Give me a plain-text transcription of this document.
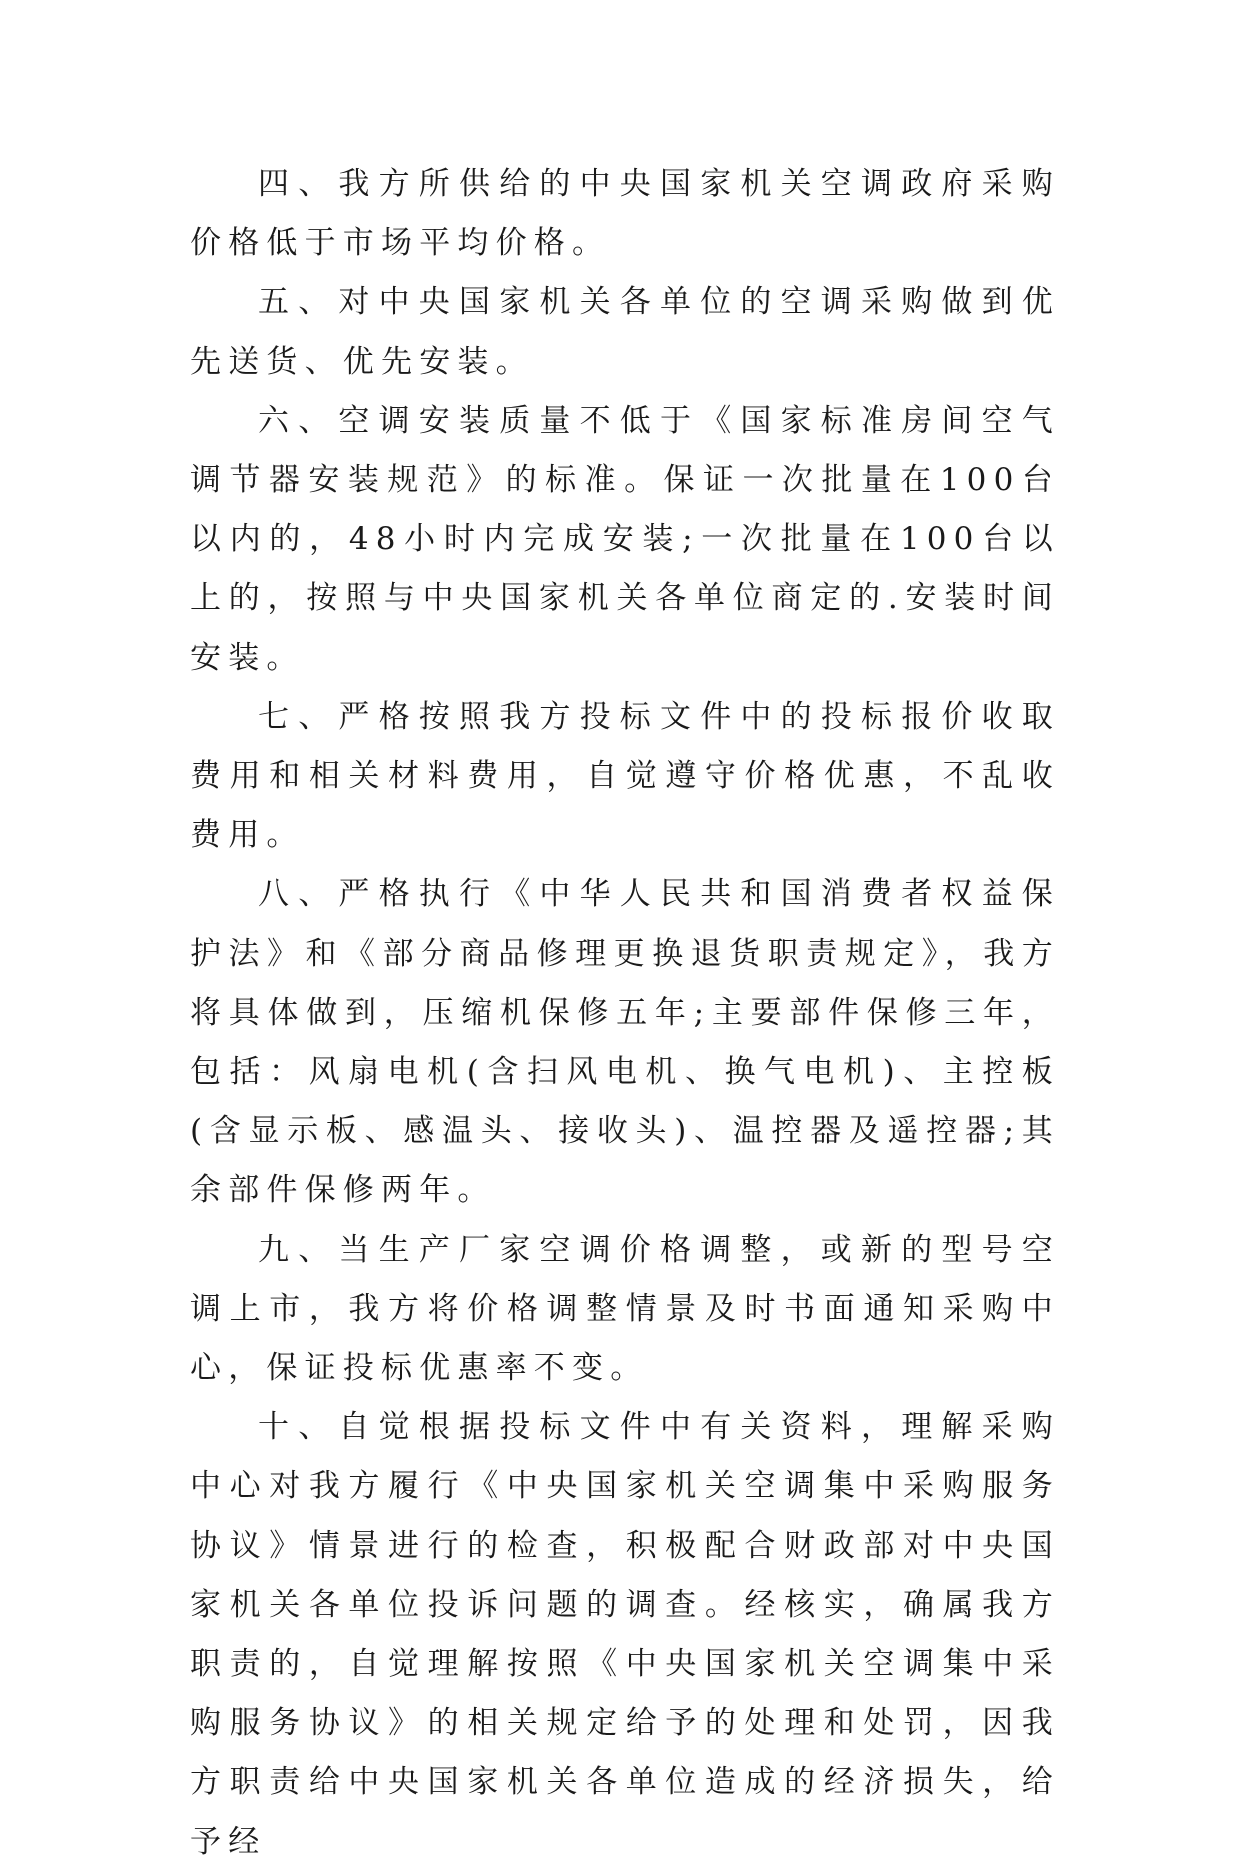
四、我方所供给的中央国家机关空调政府采购价格低于市场平均价格。

五、对中央国家机关各单位的空调采购做到优先送货、优先安装。

六、空调安装质量不低于《国家标准房间空气调节器安装规范》的标准。保证一次批量在100台以内的，48小时内完成安装;一次批量在100台以上的，按照与中央国家机关各单位商定的.安装时间安装。

七、严格按照我方投标文件中的投标报价收取费用和相关材料费用，自觉遵守价格优惠，不乱收费用。

八、严格执行《中华人民共和国消费者权益保护法》和《部分商品修理更换退货职责规定》，我方将具体做到，压缩机保修五年;主要部件保修三年，包括：风扇电机(含扫风电机、换气电机)、主控板(含显示板、感温头、接收头)、温控器及遥控器;其余部件保修两年。

九、当生产厂家空调价格调整，或新的型号空调上市，我方将价格调整情景及时书面通知采购中心，保证投标优惠率不变。

十、自觉根据投标文件中有关资料，理解采购中心对我方履行《中央国家机关空调集中采购服务协议》情景进行的检查，积极配合财政部对中央国家机关各单位投诉问题的调查。经核实，确属我方职责的，自觉理解按照《中央国家机关空调集中采购服务协议》的相关规定给予的处理和处罚，因我方职责给中央国家机关各单位造成的经济损失，给予经
